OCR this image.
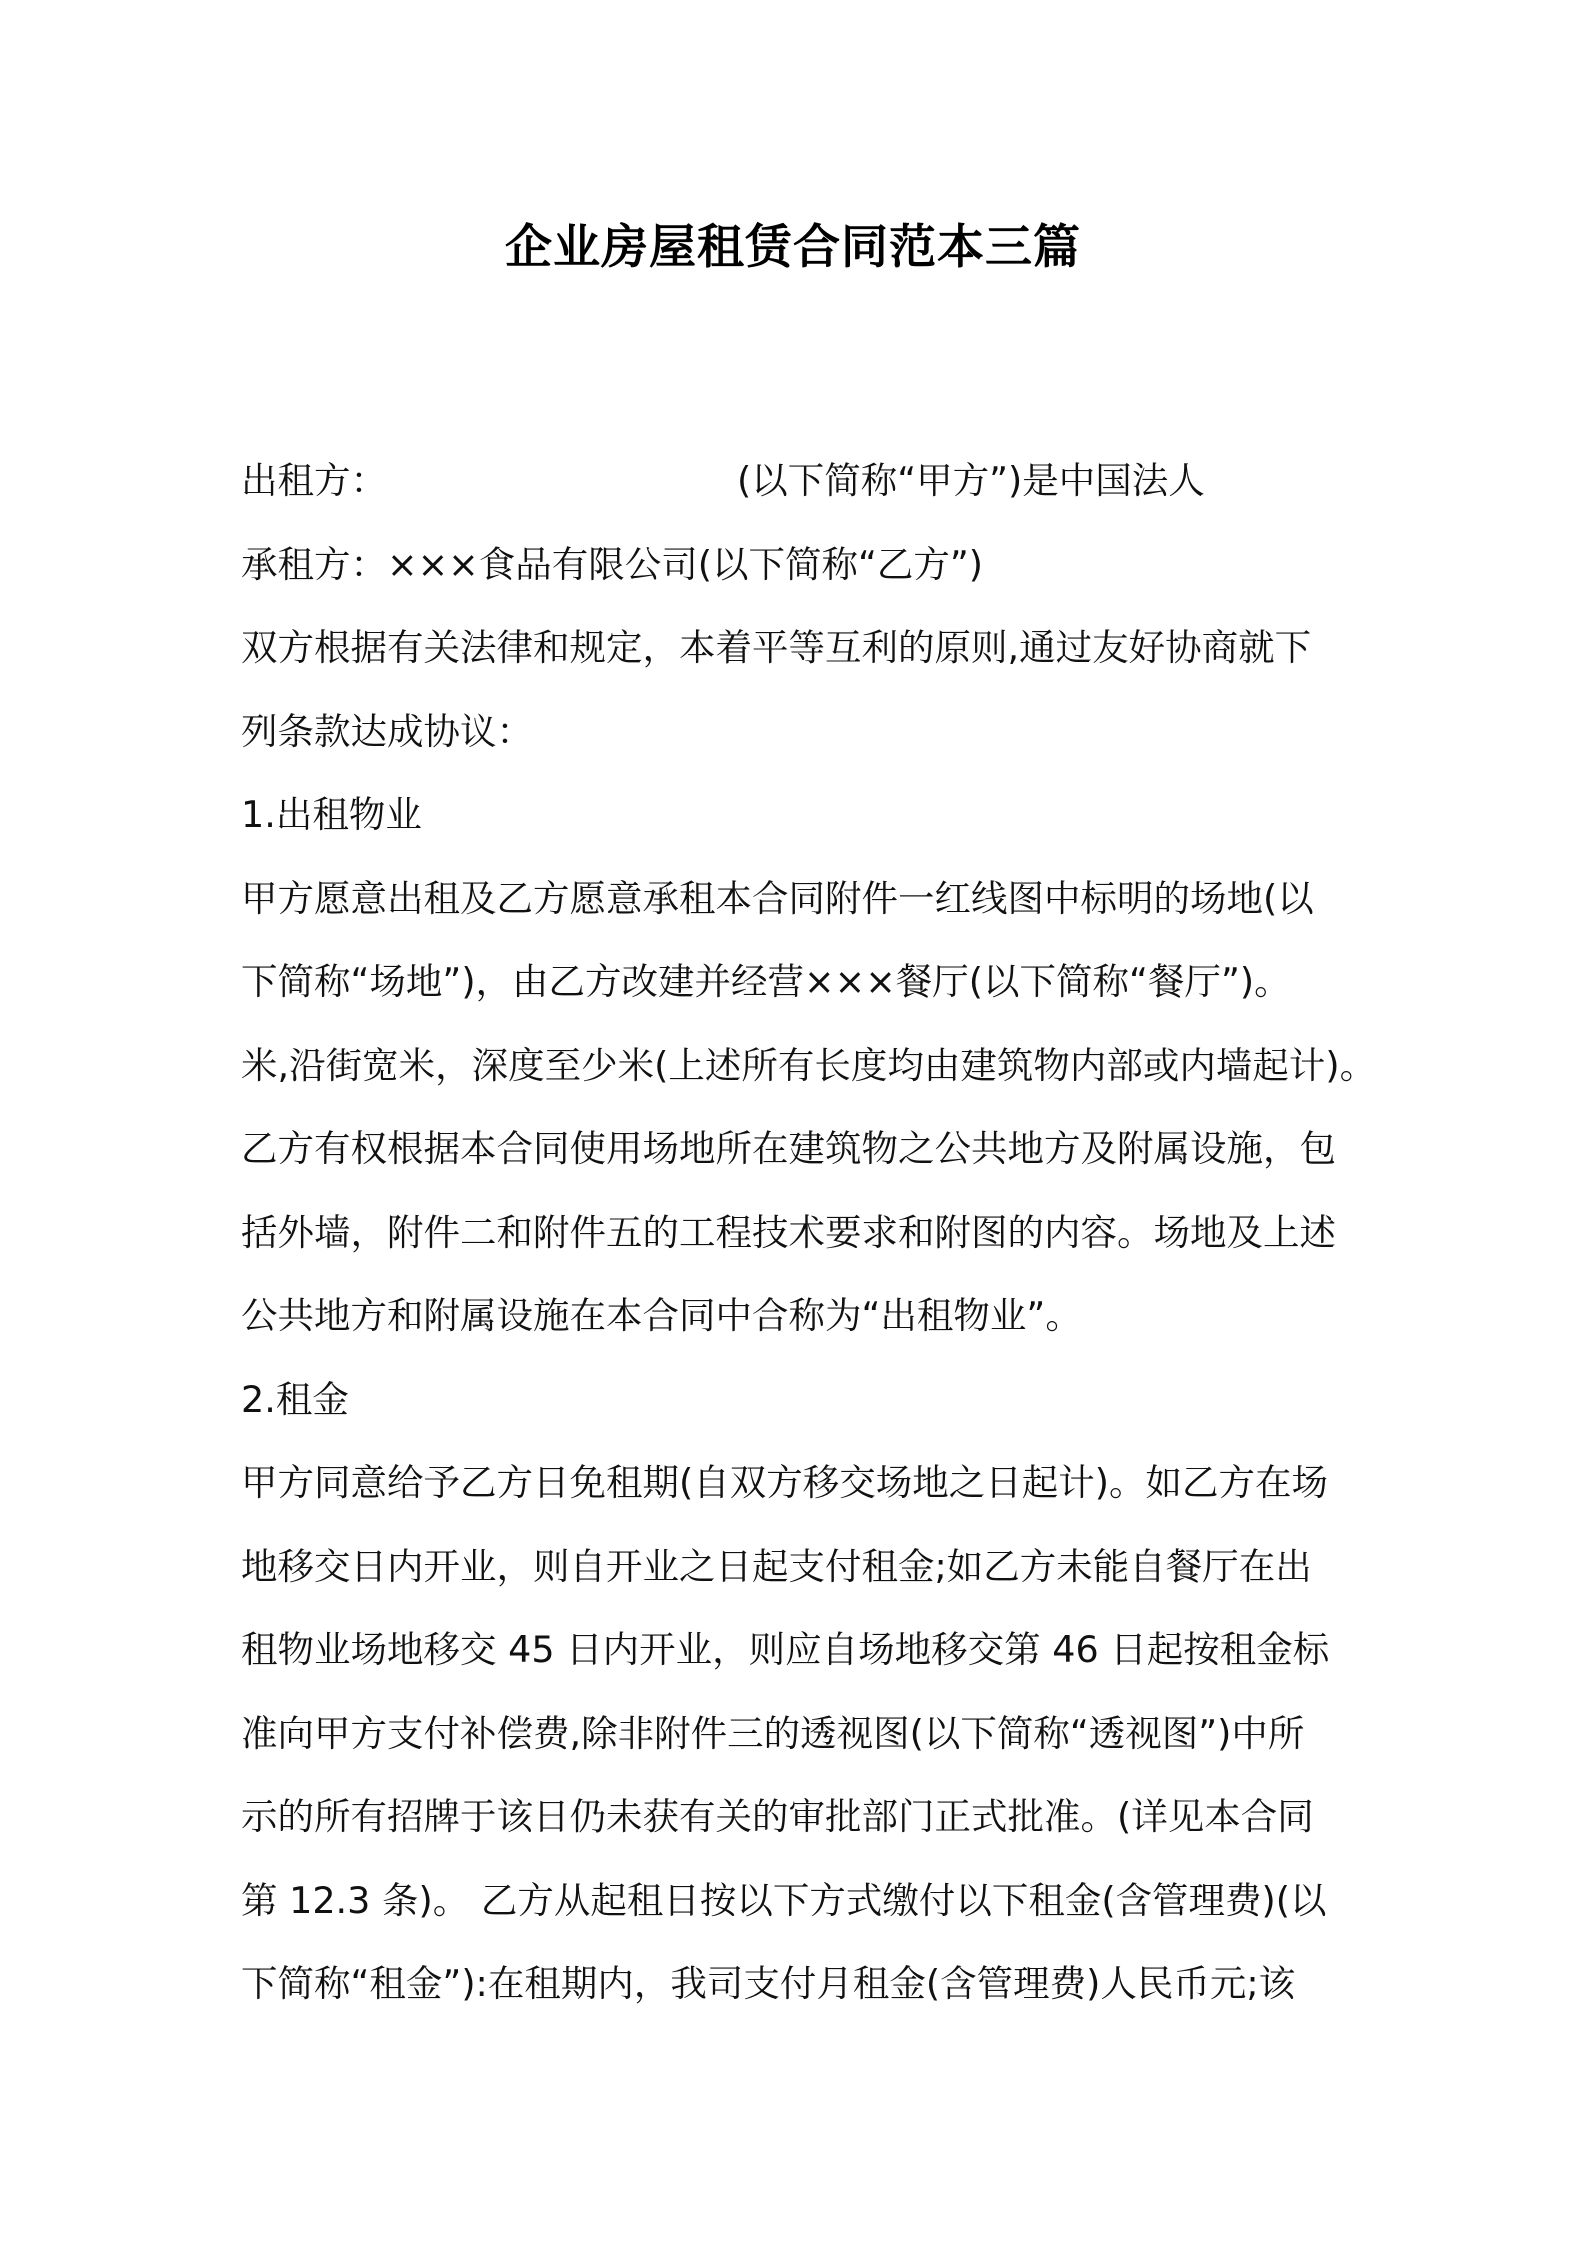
企业房屋租赁合同范本三篇
出租方：	(以下简称“甲方”)是中国法人
承租方：×××食品有限公司(以下简称“乙方”)
双方根据有关法律和规定，本着平等互利的原则,通过友好协商就下
列条款达成协议：
1.出租物业
甲方愿意出租及乙方愿意承租本合同附件一红线图中标明的场地(以
下简称“场地”)，由乙方改建并经营×××餐厅(以下简称“餐厅”)。
米,沿街宽米，深度至少米(上述所有长度均由建筑物内部或内墙起计)。
乙方有权根据本合同使用场地所在建筑物之公共地方及附属设施，包
括外墙，附件二和附件五的工程技术要求和附图的内容。场地及上述
公共地方和附属设施在本合同中合称为“出租物业”。
2.租金
甲方同意给予乙方日免租期(自双方移交场地之日起计)。如乙方在场
地移交日内开业，则自开业之日起支付租金;如乙方未能自餐厅在出
租物业场地移交 45 日内开业，则应自场地移交第 46 日起按租金标
准向甲方支付补偿费,除非附件三的透视图(以下简称“透视图”)中所
示的所有招牌于该日仍未获有关的审批部门正式批准。(详见本合同
第 12.3 条)。 乙方从起租日按以下方式缴付以下租金(含管理费)(以
下简称“租金”):在租期内，我司支付月租金(含管理费)人民币元;该
